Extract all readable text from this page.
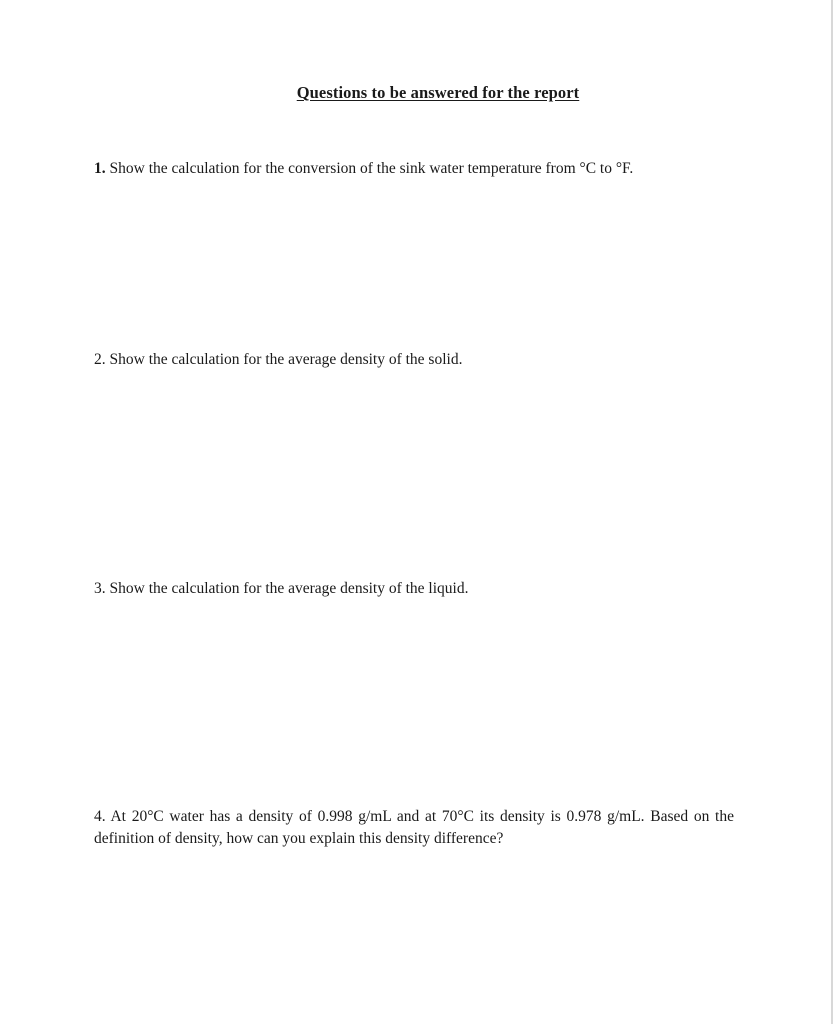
Questions to be answered for the report
1. Show the calculation for the conversion of the sink water temperature from °C to °F.
2. Show the calculation for the average density of the solid.
3. Show the calculation for the average density of the liquid.
4. At 20°C water has a density of 0.998 g/mL and at 70°C its density is 0.978 g/mL. Based on the definition of density, how can you explain this density difference?
